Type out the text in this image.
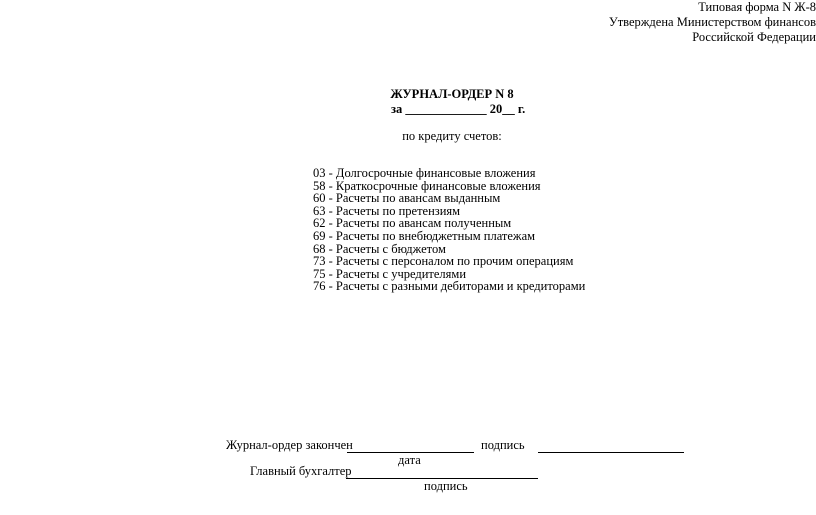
Типовая форма N Ж-8
Утверждена Министерством финансов
Российской Федерации
ЖУРНАЛ-ОРДЕР N 8
за _____________ 20__ г.
по кредиту счетов:
03 - Долгосрочные финансовые вложения
58 - Краткосрочные финансовые вложения
60 - Расчеты по авансам выданным
63 - Расчеты по претензиям
62 - Расчеты по авансам полученным
69 - Расчеты по внебюджетным платежам
68 - Расчеты с бюджетом
73 - Расчеты с персоналом по прочим операциям
75 - Расчеты с учредителями
76 - Расчеты с разными дебиторами и кредиторами
Журнал-ордер закончен	подпись
дата
Главный бухгалтер
подпись
